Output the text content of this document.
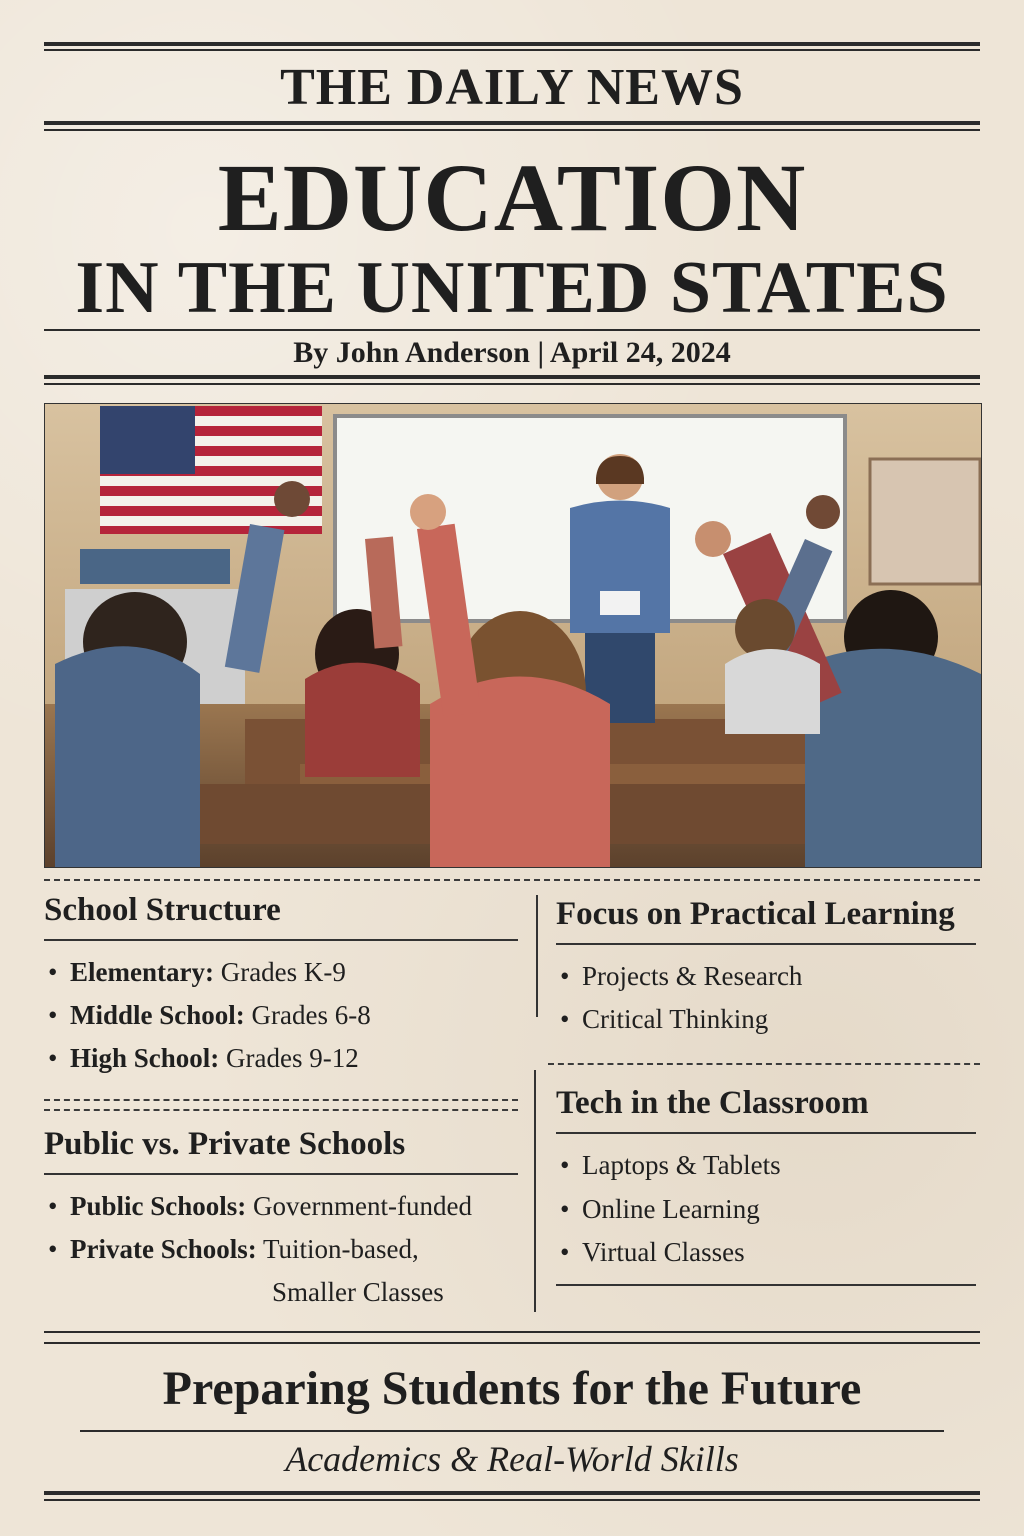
THE DAILY NEWS
EDUCATION
IN THE UNITED STATES
By John Anderson | April 24, 2024
School Structure
• Elementary: Grades K-9
• Middle School: Grades 6-8
• High School: Grades 9-12
Public vs. Private Schools
• Public Schools: Government-funded
• Private Schools: Tuition-based,
Smaller Classes
Focus on Practical Learning
• Projects & Research
• Critical Thinking
Tech in the Classroom
• Laptops & Tablets
• Online Learning
• Virtual Classes
Preparing Students for the Future
Academics & Real-World Skills
